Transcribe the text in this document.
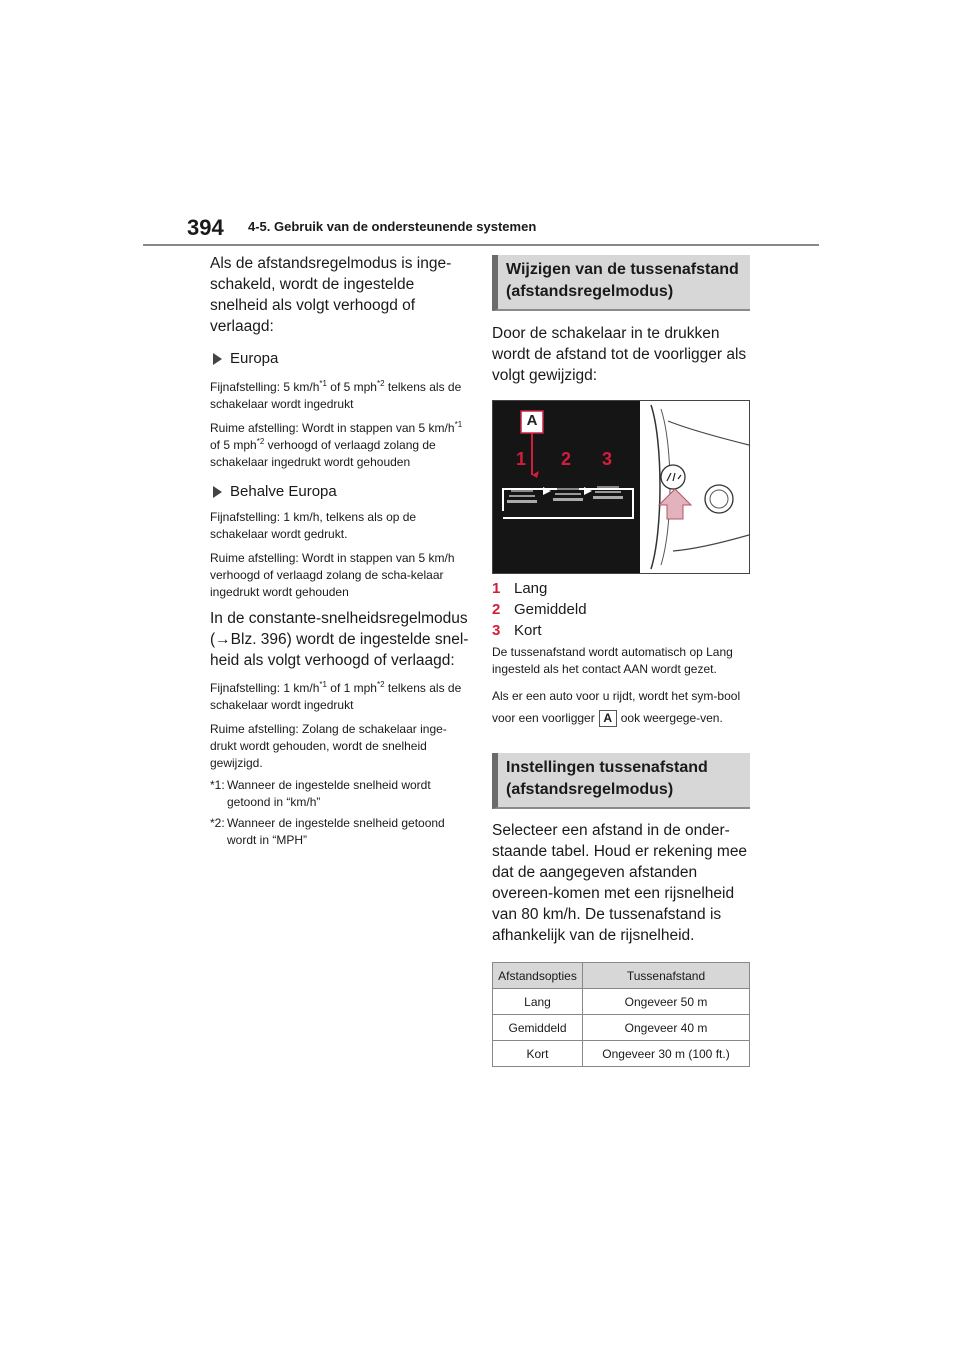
394 4-5. Gebruik van de ondersteunende systemen

Als de afstandsregelmodus is inge-schakeld, wordt de ingestelde snelheid als volgt verhoogd of verlaagd:

Europa

Fijnafstelling: 5 $km/h^{*1}$ of 5 mph$^{*2}$ telkens als de schakelaar wordt ingedrukt

Ruime afstelling: Wordt in stappen van 5 $km/h^{*1}$ of 5 mph$^{*2}$ verhoogd of verlaagd zolang de schakelaar ingedrukt wordt gehouden

Behalve Europa

Fijnafstelling: 1 km/h, telkens als op de schakelaar wordt gedrukt.

Ruime afstelling: Wordt in stappen van 5 km/h verhoogd of verlaagd zolang de scha-kelaar ingedrukt wordt gehouden

In de constante-snelheidsregelmodus (→Blz. 396) wordt de ingestelde snel-heid als volgt verhoogd of verlaagd:

Fijnafstelling: 1 $km/h^{*1}$ of 1 mph$^{*2}$ telkens als de schakelaar wordt ingedrukt

Ruime afstelling: Zolang de schakelaar inge-drukt wordt gehouden, wordt de snelheid gewijzigd.

*1: Wanneer de ingestelde snelheid wordt getoond in “km/h”

*2: Wanneer de ingestelde snelheid getoond wordt in “MPH”

Wijzigen van de tussenafstand (afstandsregelmodus)

Door de schakelaar in te drukken wordt de afstand tot de voorligger als volgt gewijzigd:

A
1 2 3

1 Lang

2 Gemiddeld

3 Kort

De tussenafstand wordt automatisch op Lang ingesteld als het contact AAN wordt gezet.

Als er een auto voor u rijdt, wordt het sym-bool voor een voorligger A ook weergege-ven.

Instellingen tussenafstand (afstandsregelmodus)

Selecteer een afstand in de onder-staande tabel. Houd er rekening mee dat de aangegeven afstanden overeen-komen met een rijsnelheid van 80 km/h. De tussenafstand is afhankelijk van de rijsnelheid.

Afstandsopties	Tussenafstand
Lang	Ongeveer 50 m
Gemiddeld	Ongeveer 40 m
Kort	Ongeveer 30 m (100 ft.)
